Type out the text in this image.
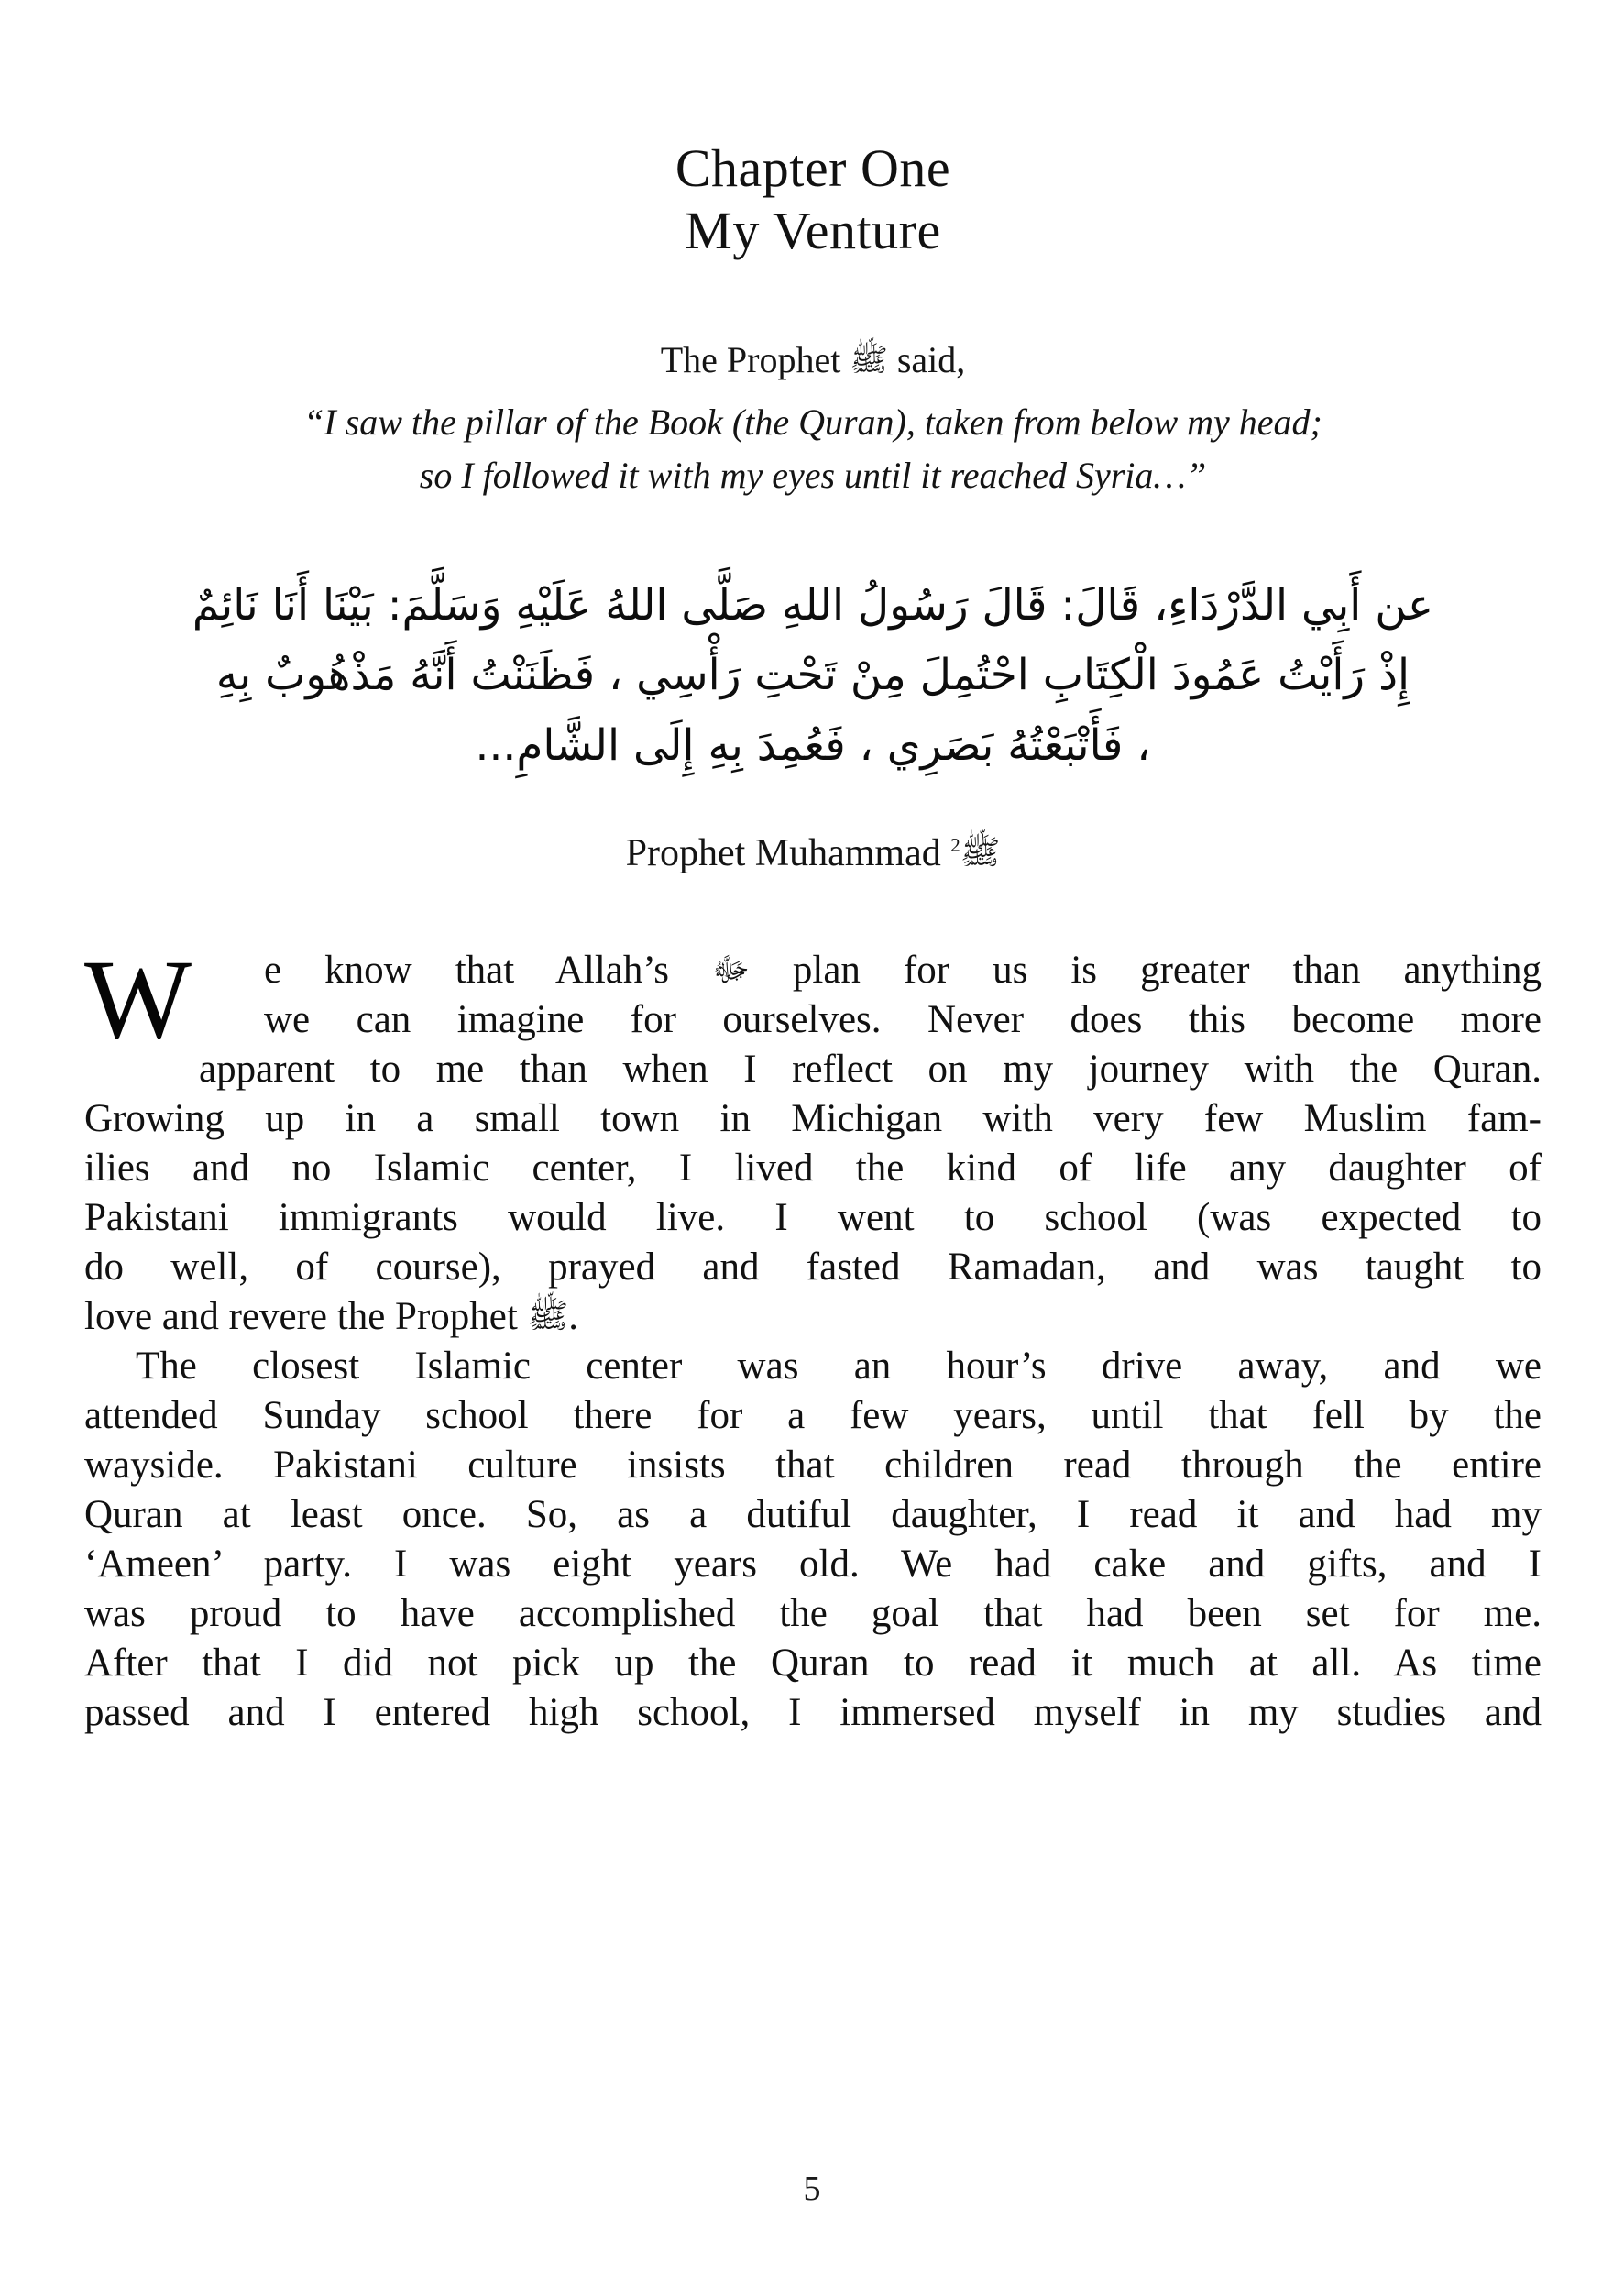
Chapter One
My Venture
The Prophet ﷺ said,
“I saw the pillar of the Book (the Quran), taken from below my head;
so I followed it with my eyes until it reached Syria…”
عن أَبِي الدَّرْدَاءِ، قَالَ: قَالَ رَسُولُ اللهِ صَلَّى اللهُ عَلَيْهِ وَسَلَّمَ: بَيْنَا أَنَا نَائِمٌ
إِذْ رَأَيْتُ عَمُودَ الْكِتَابِ احْتُمِلَ مِنْ تَحْتِ رَأْسِي ، فَظَنَنْتُ أَنَّهُ مَذْهُوبٌ بِهِ
، فَأَتْبَعْتُهُ بَصَرِي ، فَعُمِدَ بِهِ إِلَى الشَّامِ...
Prophet Muhammad ﷺ$^2$

W	e know that Allah’s ﷻ plan for us is greater than anything
we can imagine for ourselves. Never does this become more
apparent to me than when I reflect on my journey with the Quran.
Growing up in a small town in Michigan with very few Muslim fam-
ilies and no Islamic center, I lived the kind of life any daughter of
Pakistani immigrants would live. I went to school (was expected to
do well, of course), prayed and fasted Ramadan, and was taught to
love and revere the Prophet ﷺ.

The closest Islamic center was an hour’s drive away, and we
attended Sunday school there for a few years, until that fell by the
wayside. Pakistani culture insists that children read through the entire
Quran at least once. So, as a dutiful daughter, I read it and had my
‘Ameen’ party. I was eight years old. We had cake and gifts, and I
was proud to have accomplished the goal that had been set for me.
After that I did not pick up the Quran to read it much at all. As time
passed and I entered high school, I immersed myself in my studies and

5
